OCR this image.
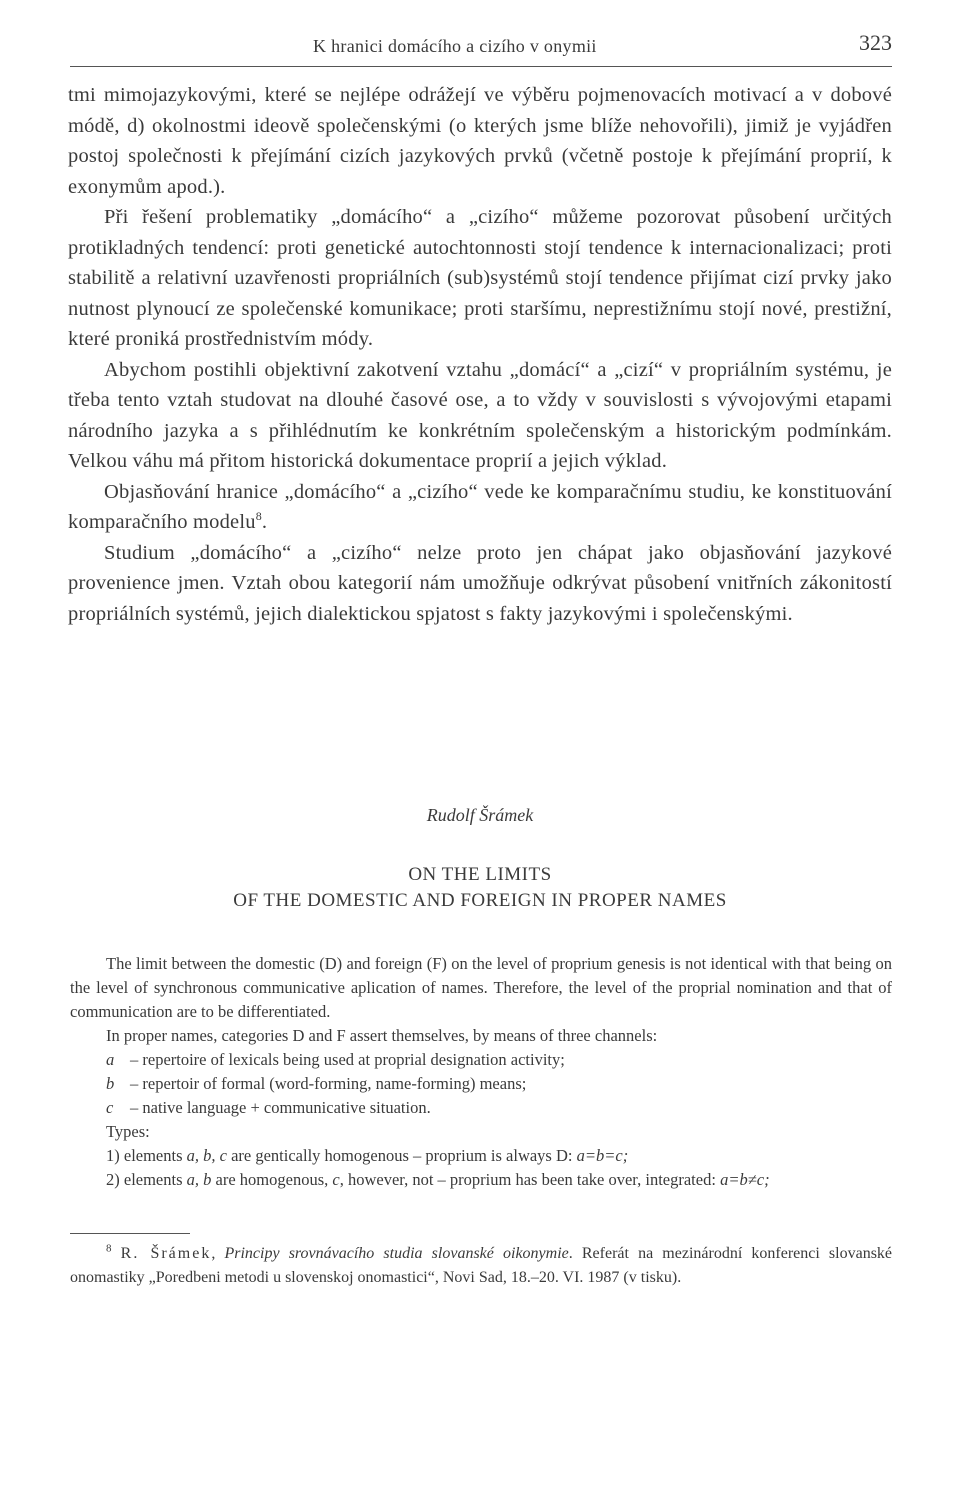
K hranici domácího a cizího v onymii	323

tmi mimojazykovými, které se nejlépe odrážejí ve výběru pojmenovacích motivací a v dobové módě, d) okolnostmi ideově společenskými (o kterých jsme blíže nehovořili), jimiž je vyjádřen postoj společnosti k přejímání cizích jazykových prvků (včetně postoje k přejímání proprií, k exonymům apod.).

Při řešení problematiky „domácího“ a „cizího“ můžeme pozorovat působení určitých protikladných tendencí: proti genetické autochtonnosti stojí tendence k internacionalizaci; proti stabilitě a relativní uzavřenosti propriálních (sub)systémů stojí tendence přijímat cizí prvky jako nutnost plynoucí ze společenské komunikace; proti staršímu, neprestižnímu stojí nové, prestižní, které proniká prostřednistvím módy.

Abychom postihli objektivní zakotvení vztahu „domácí“ a „cizí“ v propriálním systému, je třeba tento vztah studovat na dlouhé časové ose, a to vždy v souvislosti s vývojovými etapami národního jazyka a s přihlédnutím ke konkrétním společenským a historickým podmínkám. Velkou váhu má přitom historická dokumentace proprií a jejich výklad.

Objasňování hranice „domácího“ a „cizího“ vede ke komparačnímu studiu, ke konstituování komparačního modelu$^8$.

Studium „domácího“ a „cizího“ nelze proto jen chápat jako objasňování jazykové provenience jmen. Vztah obou kategorií nám umožňuje odkrývat působení vnitřních zákonitostí propriálních systémů, jejich dialektickou spjatost s fakty jazykovými i společenskými.

Rudolf Šrámek
ON THE LIMITS
OF THE DOMESTIC AND FOREIGN IN PROPER NAMES

The limit between the domestic (D) and foreign (F) on the level of proprium genesis is not identical with that being on the level of synchronous communicative aplication of names. Therefore, the level of the proprial nomination and that of communication are to be differentiated.

In proper names, categories D and F assert themselves, by means of three channels:

a – repertoire of lexicals being used at proprial designation activity;

b – repertoir of formal (word-forming, name-forming) means;

c – native language + communicative situation.

Types:

1) elements a, b, c are gentically homogenous – proprium is always D: a=b=c;

2) elements a, b are homogenous, c, however, not – proprium has been take over, integrated: a=b≠c;

$^8$ R. Šrámek, Principy srovnávacího studia slovanské oikonymie. Referát na mezinárodní konferenci slovanské onomastiky „Poredbeni metodi u slovenskoj onomastici“, Novi Sad, 18.–20. VI. 1987 (v tisku).
